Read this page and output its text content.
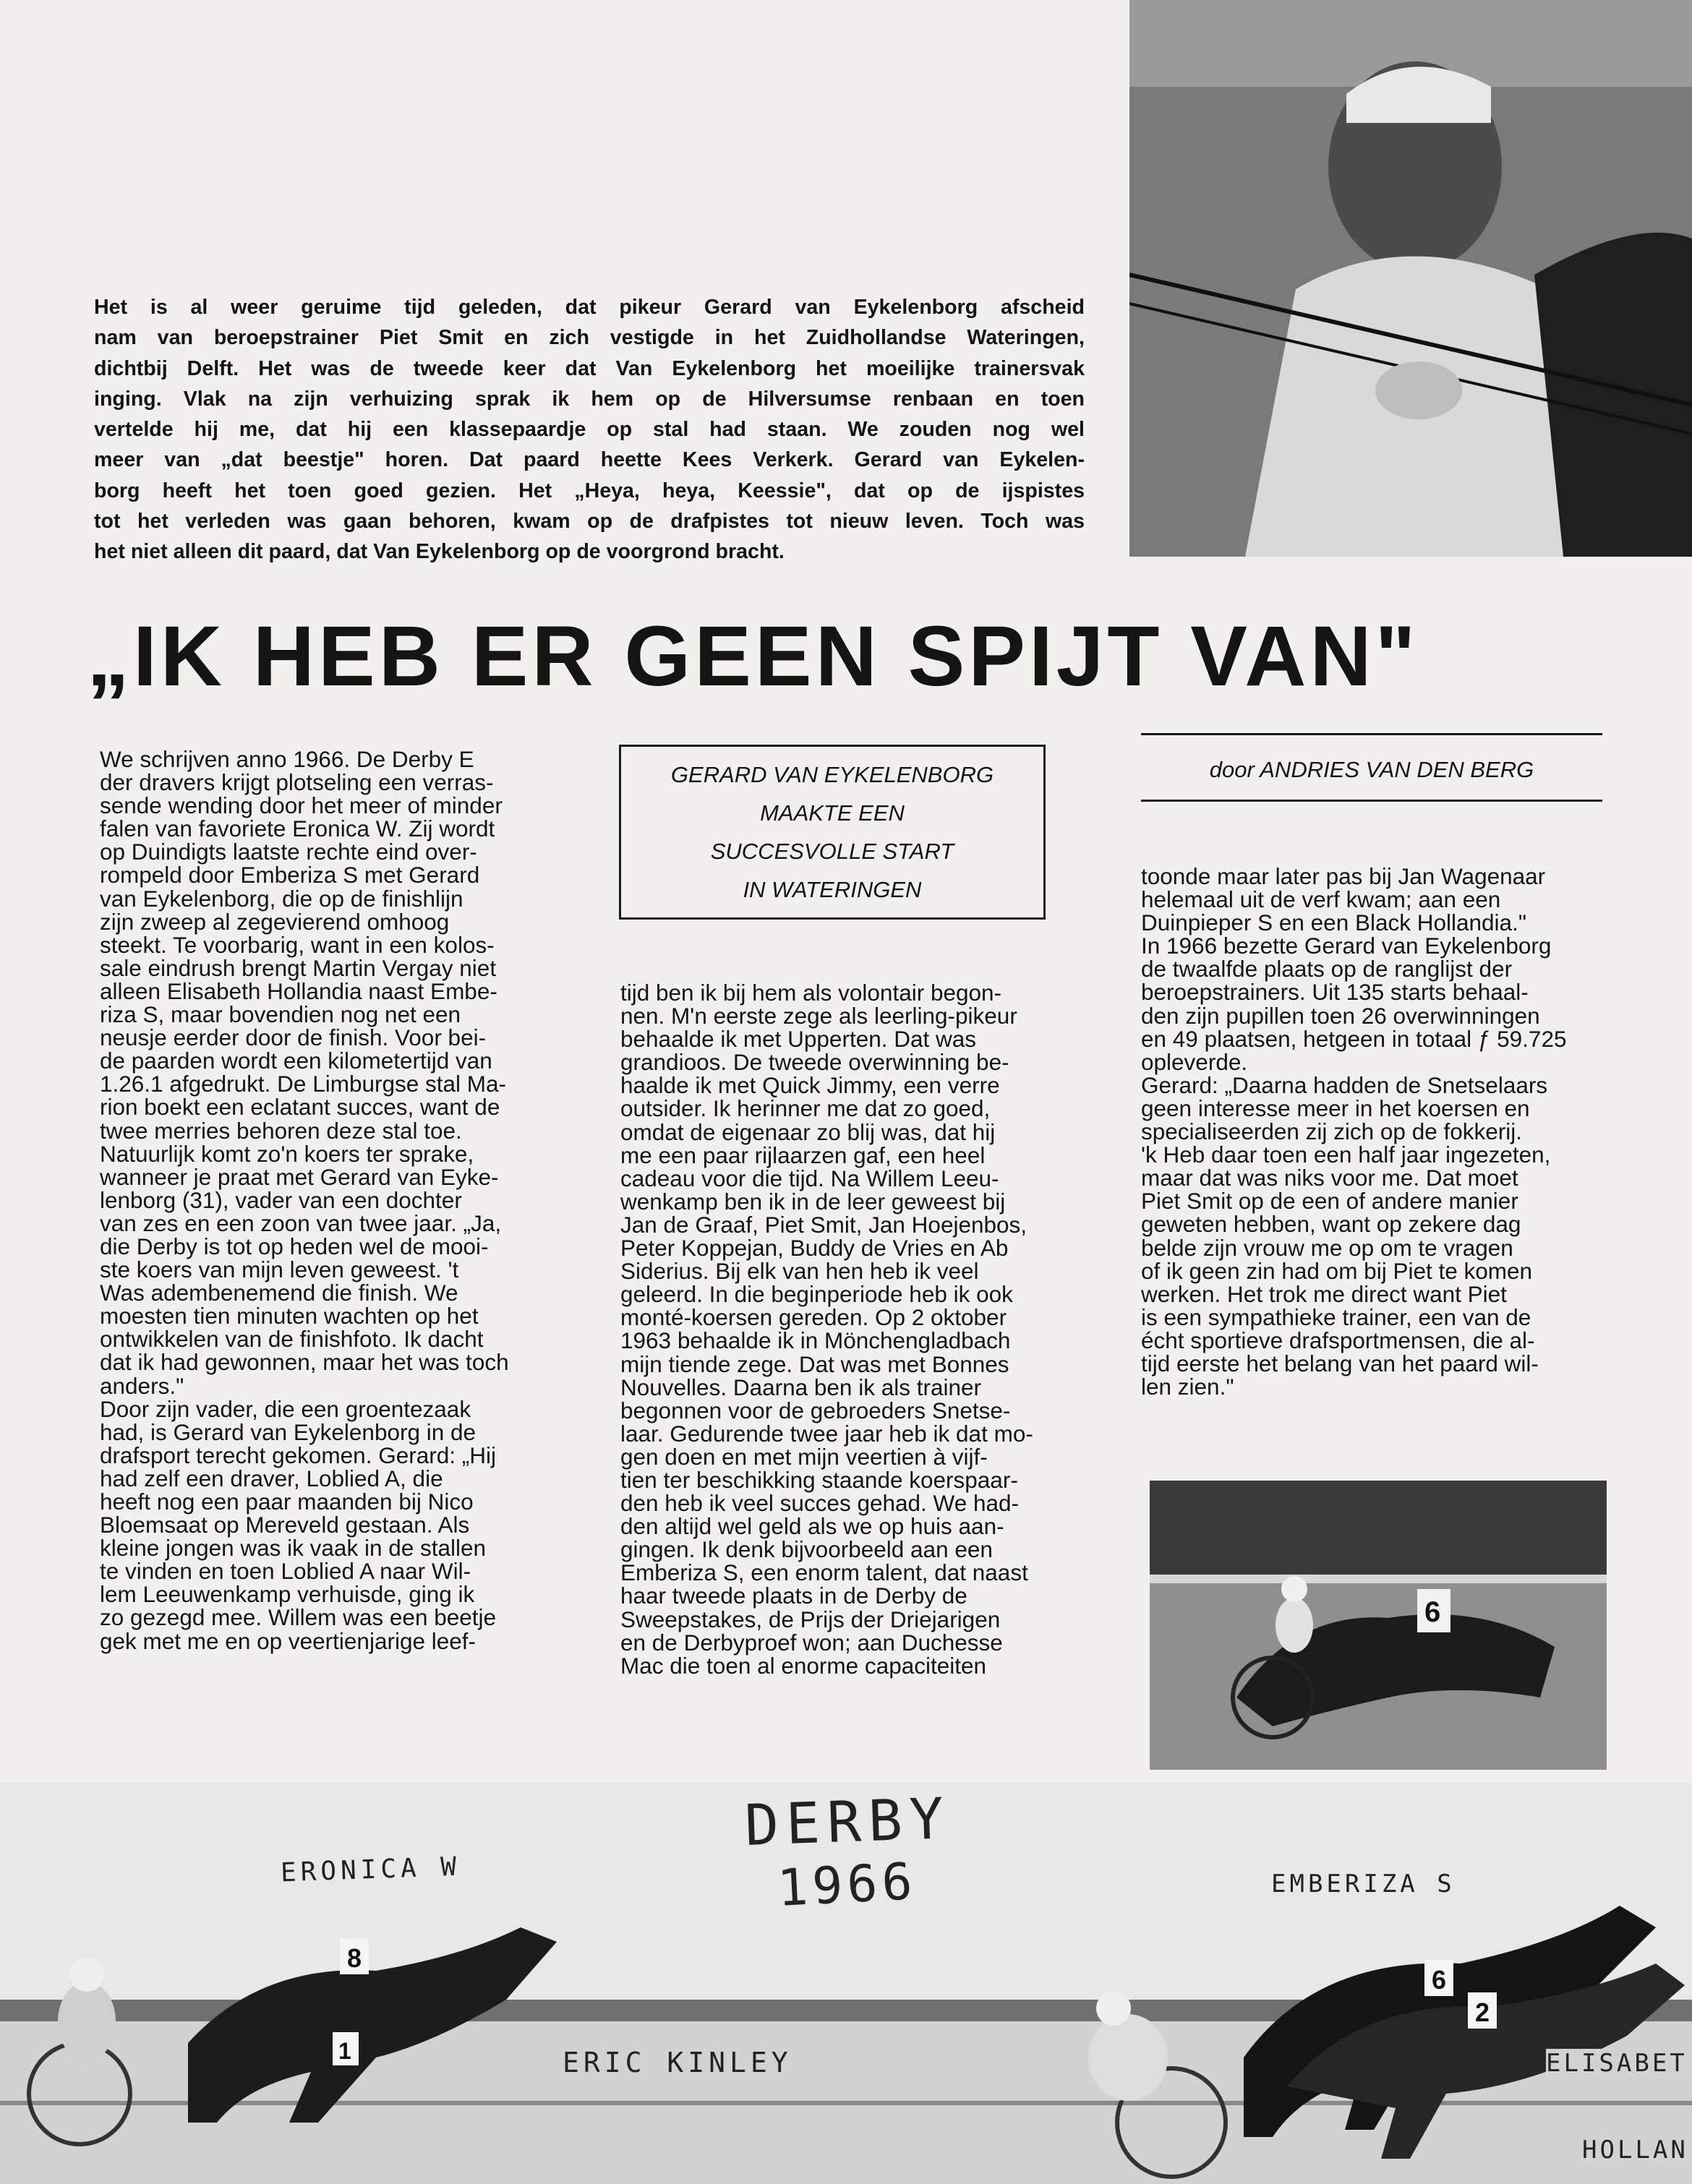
Het is al weer geruime tijd geleden, dat pikeur Gerard van Eykelenborg afscheid
nam van beroepstrainer Piet Smit en zich vestigde in het Zuidhollandse Wateringen,
dichtbij Delft. Het was de tweede keer dat Van Eykelenborg het moeilijke trainersvak
inging. Vlak na zijn verhuizing sprak ik hem op de Hilversumse renbaan en toen
vertelde hij me, dat hij een klassepaardje op stal had staan. We zouden nog wel
meer van „dat beestje" horen. Dat paard heette Kees Verkerk. Gerard van Eykelen-
borg heeft het toen goed gezien. Het „Heya, heya, Keessie", dat op de ijspistes
tot het verleden was gaan behoren, kwam op de drafpistes tot nieuw leven. Toch was
het niet alleen dit paard, dat Van Eykelenborg op de voorgrond bracht.
„IK HEB ER GEEN SPIJT VAN"

We schrijven anno 1966. De Derby E

der dravers krijgt plotseling een verras-

sende wending door het meer of minder

falen van favoriete Eronica W. Zij wordt

op Duindigts laatste rechte eind over-

rompeld door Emberiza S met Gerard

van Eykelenborg, die op de finishlijn

zijn zweep al zegevierend omhoog

steekt. Te voorbarig, want in een kolos-

sale eindrush brengt Martin Vergay niet

alleen Elisabeth Hollandia naast Embe-

riza S, maar bovendien nog net een

neusje eerder door de finish. Voor bei-

de paarden wordt een kilometertijd van

1.26.1 afgedrukt. De Limburgse stal Ma-

rion boekt een eclatant succes, want de

twee merries behoren deze stal toe.

Natuurlijk komt zo'n koers ter sprake,

wanneer je praat met Gerard van Eyke-

lenborg (31), vader van een dochter

van zes en een zoon van twee jaar. „Ja,

die Derby is tot op heden wel de mooi-

ste koers van mijn leven geweest. 't

Was adembenemend die finish. We

moesten tien minuten wachten op het

ontwikkelen van de finishfoto. Ik dacht

dat ik had gewonnen, maar het was toch

anders."

Door zijn vader, die een groentezaak

had, is Gerard van Eykelenborg in de

drafsport terecht gekomen. Gerard: „Hij

had zelf een draver, Loblied A, die

heeft nog een paar maanden bij Nico

Bloemsaat op Mereveld gestaan. Als

kleine jongen was ik vaak in de stallen

te vinden en toen Loblied A naar Wil-

lem Leeuwenkamp verhuisde, ging ik

zo gezegd mee. Willem was een beetje

gek met me en op veertienjarige leef-

GERARD VAN EYKELENBORG
MAAKTE EEN
SUCCESVOLLE START
IN WATERINGEN
door ANDRIES VAN DEN BERG

tijd ben ik bij hem als volontair begon-

nen. M'n eerste zege als leerling-pikeur

behaalde ik met Upperten. Dat was

grandioos. De tweede overwinning be-

haalde ik met Quick Jimmy, een verre

outsider. Ik herinner me dat zo goed,

omdat de eigenaar zo blij was, dat hij

me een paar rijlaarzen gaf, een heel

cadeau voor die tijd. Na Willem Leeu-

wenkamp ben ik in de leer geweest bij

Jan de Graaf, Piet Smit, Jan Hoejenbos,

Peter Koppejan, Buddy de Vries en Ab

Siderius. Bij elk van hen heb ik veel

geleerd. In die beginperiode heb ik ook

monté-koersen gereden. Op 2 oktober

1963 behaalde ik in Mönchengladbach

mijn tiende zege. Dat was met Bonnes

Nouvelles. Daarna ben ik als trainer

begonnen voor de gebroeders Snetse-

laar. Gedurende twee jaar heb ik dat mo-

gen doen en met mijn veertien à vijf-

tien ter beschikking staande koerspaar-

den heb ik veel succes gehad. We had-

den altijd wel geld als we op huis aan-

gingen. Ik denk bijvoorbeeld aan een

Emberiza S, een enorm talent, dat naast

haar tweede plaats in de Derby de

Sweepstakes, de Prijs der Driejarigen

en de Derbyproef won; aan Duchesse

Mac die toen al enorme capaciteiten

toonde maar later pas bij Jan Wagenaar

helemaal uit de verf kwam; aan een

Duinpieper S en een Black Hollandia."

In 1966 bezette Gerard van Eykelenborg

de twaalfde plaats op de ranglijst der

beroepstrainers. Uit 135 starts behaal-

den zijn pupillen toen 26 overwinningen

en 49 plaatsen, hetgeen in totaal ƒ 59.725

opleverde.

Gerard: „Daarna hadden de Snetselaars

geen interesse meer in het koersen en

specialiseerden zij zich op de fokkerij.

'k Heb daar toen een half jaar ingezeten,

maar dat was niks voor me. Dat moet

Piet Smit op de een of andere manier

geweten hebben, want op zekere dag

belde zijn vrouw me op om te vragen

of ik geen zin had om bij Piet te komen

werken. Het trok me direct want Piet

is een sympathieke trainer, een van de

écht sportieve drafsportmensen, die al-

tijd eerste het belang van het paard wil-

len zien."

6
8
6
2
1
DERBY
1966
ERONICA W	EMBERIZA S
ERIC KINLEY	ELISABET
HOLLAN
